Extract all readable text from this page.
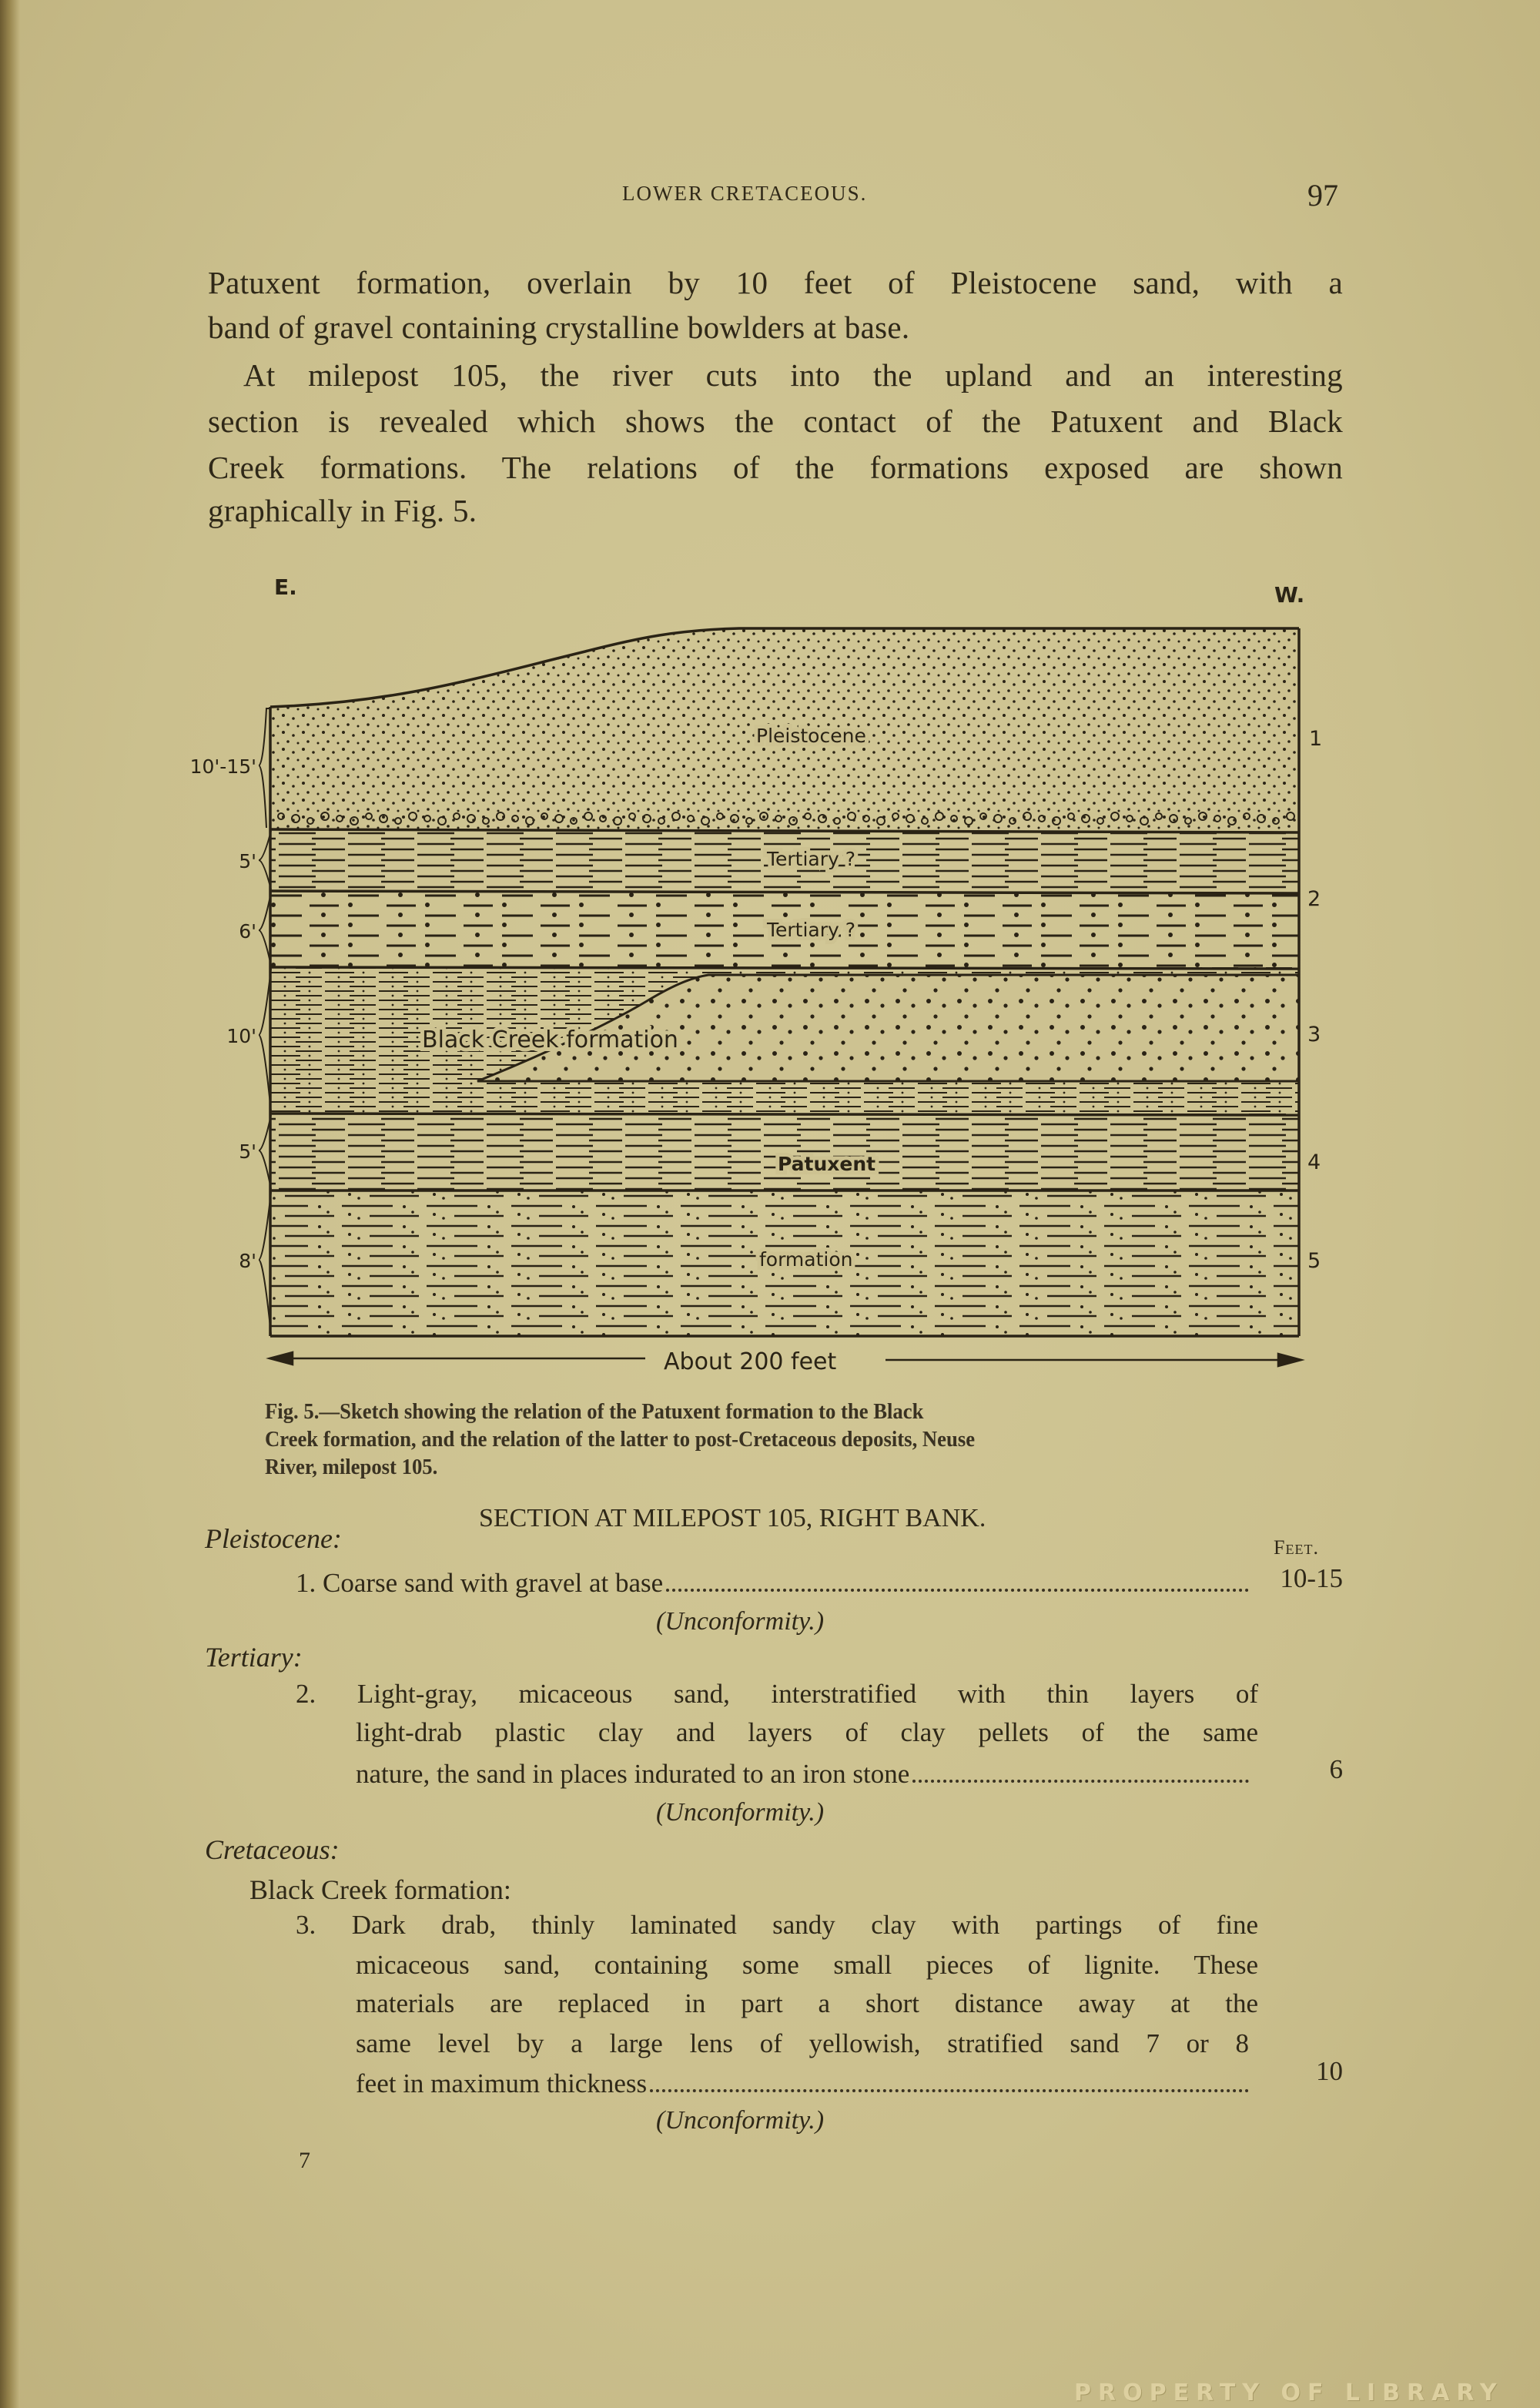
LOWER CRETACEOUS.	97
Patuxent formation, overlain by 10 feet of Pleistocene sand, with a
band of gravel containing crystalline bowlders at base.
At milepost 105, the river cuts into the upland and an interesting
section is revealed which shows the contact of the Patuxent and Black
Creek formations. The relations of the formations exposed are shown
graphically in Fig. 5.
E.	W.
10'-15'
5'
6'
10'
5'
8'
1
2
3
4
5
Pleistocene
Tertiary ?
Tertiary ?
Black Creek formation
Patuxent
formation
About 200 feet
Fig. 5.—Sketch showing the relation of the Patuxent formation to the Black
Creek formation, and the relation of the latter to post-Cretaceous deposits, Neuse
River, milepost 105.
SECTION AT MILEPOST 105, RIGHT BANK.
Pleistocene:	Feet.
1. Coarse sand with gravel at base	10-15
(Unconformity.)
Tertiary:
2. Light-gray, micaceous sand, interstratified with thin layers of
light-drab plastic clay and layers of clay pellets of the same
nature, the sand in places indurated to an iron stone	6
(Unconformity.)
Cretaceous:
Black Creek formation:
3. Dark drab, thinly laminated sandy clay with partings of fine
micaceous sand, containing some small pieces of lignite. These
materials are replaced in part a short distance away at the
same level by a large lens of yellowish, stratified sand 7 or 8
feet in maximum thickness	10
(Unconformity.)
7
PROPERTY OF LIBRARY
